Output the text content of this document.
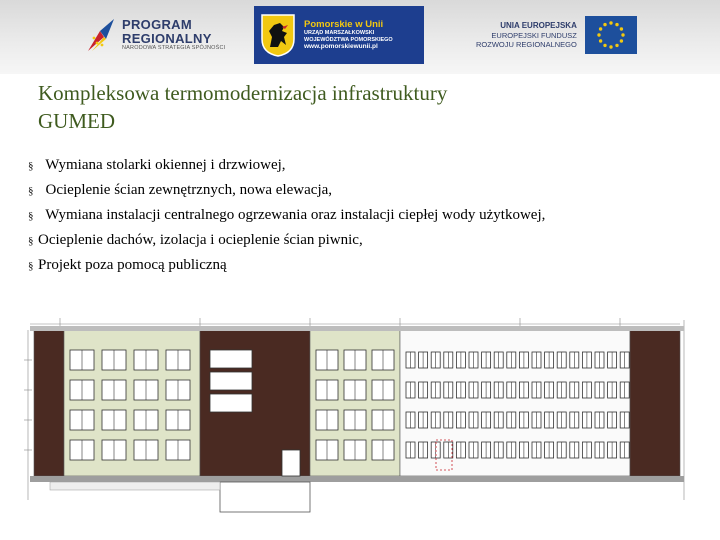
PROGRAM
REGIONALNY
NARODOWA STRATEGIA SPÓJNOŚCI
Pomorskie w Unii
URZĄD MARSZAŁKOWSKI
WOJEWÓDZTWA POMORSKIEGO
www.pomorskiewunii.pl
UNIA EUROPEJSKA
EUROPEJSKI FUNDUSZ
ROZWOJU REGIONALNEGO
Kompleksowa termomodernizacja infrastruktury
GUMED
§ Wymiana stolarki okiennej i drzwiowej,
§ Ocieplenie ścian zewnętrznych, nowa elewacja,
§ Wymiana instalacji centralnego ogrzewania oraz instalacji ciepłej wody użytkowej,
§ Ocieplenie dachów, izolacja i ocieplenie ścian piwnic,
§ Projekt poza pomocą publiczną
